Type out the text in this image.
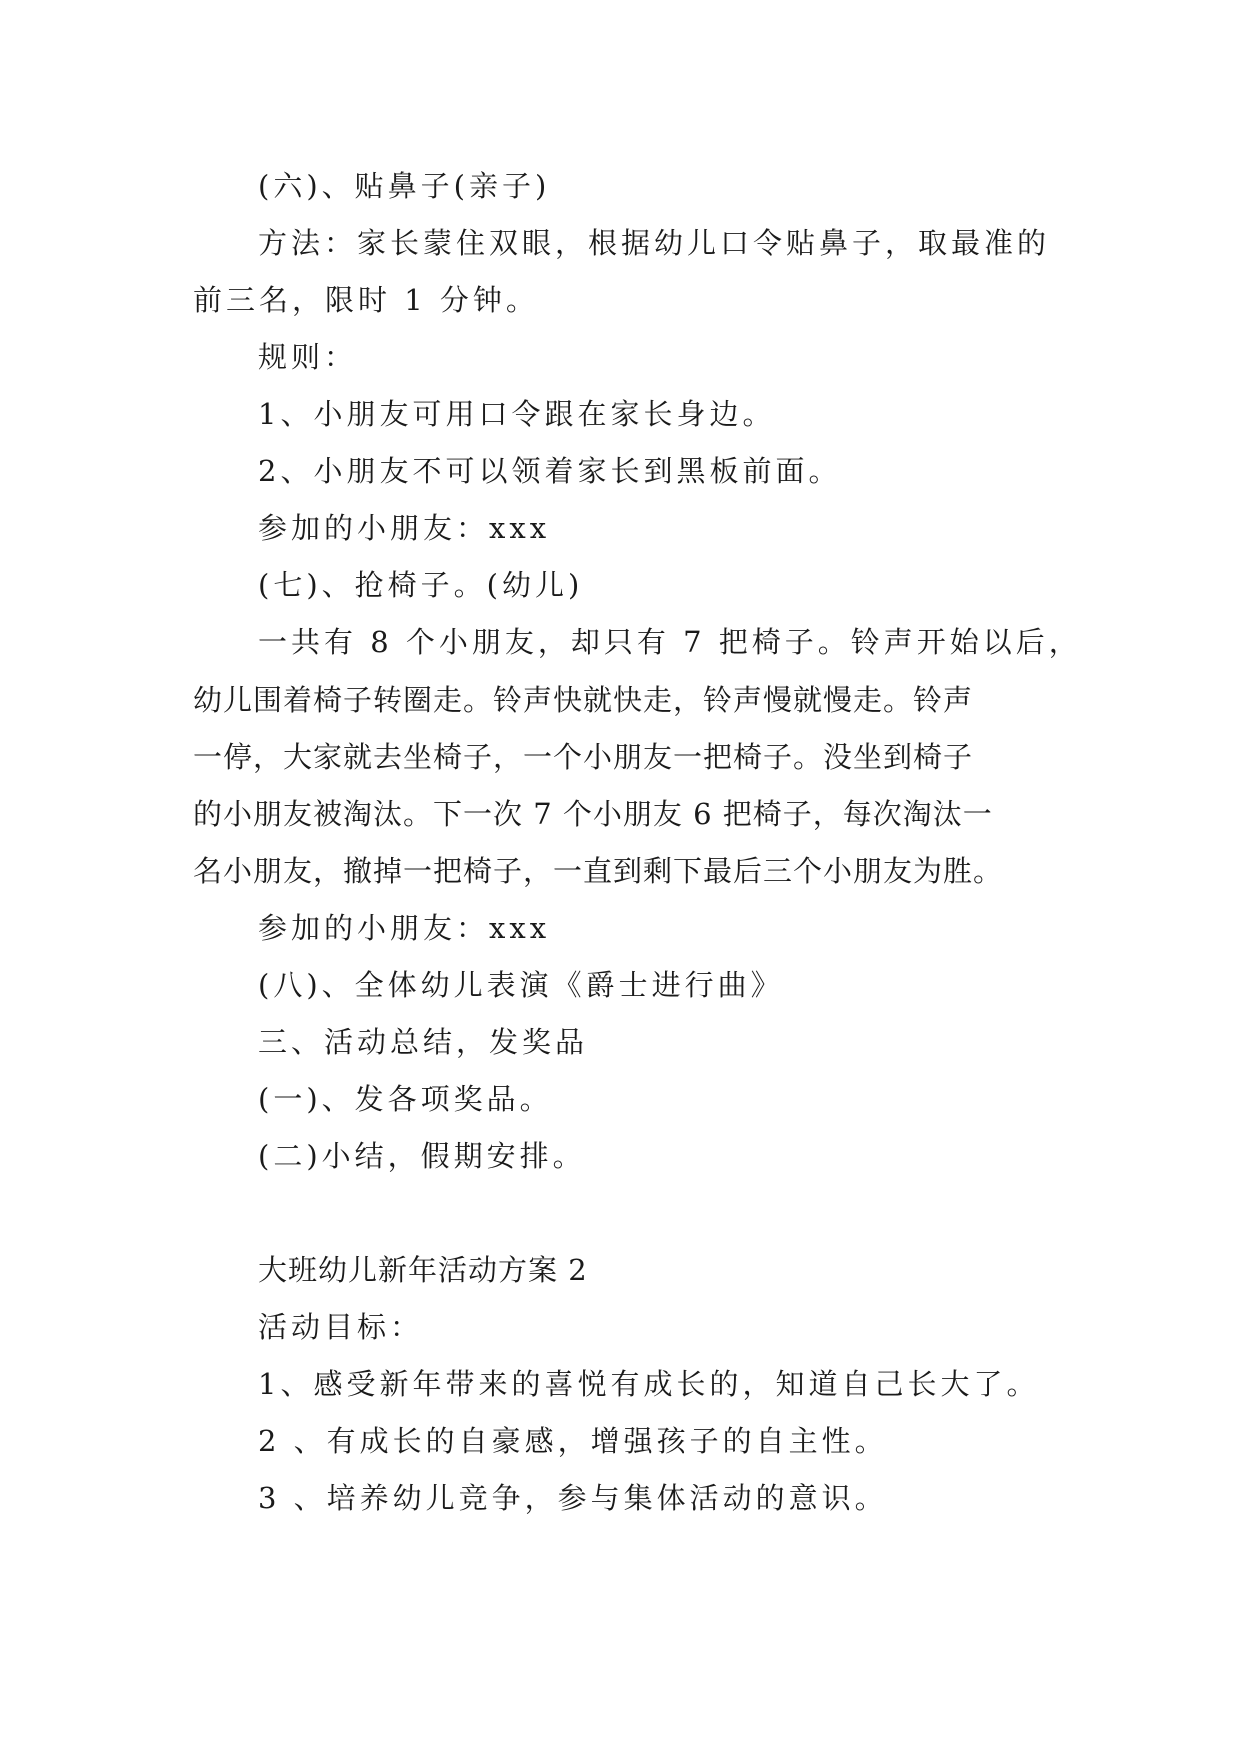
(六)、贴鼻子(亲子)
方法：家长蒙住双眼，根据幼儿口令贴鼻子，取最准的
前三名，限时 1 分钟。
规则：
1、小朋友可用口令跟在家长身边。
2、小朋友不可以领着家长到黑板前面。
参加的小朋友：xxx
(七)、抢椅子。(幼儿)
一共有 8 个小朋友，却只有 7 把椅子。铃声开始以后，
幼儿围着椅子转圈走。铃声快就快走，铃声慢就慢走。铃声
一停，大家就去坐椅子，一个小朋友一把椅子。没坐到椅子
的小朋友被淘汰。下一次 7 个小朋友 6 把椅子，每次淘汰一
名小朋友，撤掉一把椅子，一直到剩下最后三个小朋友为胜。
参加的小朋友：xxx
(八)、全体幼儿表演《爵士进行曲》
三、活动总结，发奖品
(一)、发各项奖品。
(二)小结，假期安排。
大班幼儿新年活动方案 2
活动目标：
1、感受新年带来的喜悦有成长的，知道自己长大了。
2 、有成长的自豪感，增强孩子的自主性。
3 、培养幼儿竞争，参与集体活动的意识。
